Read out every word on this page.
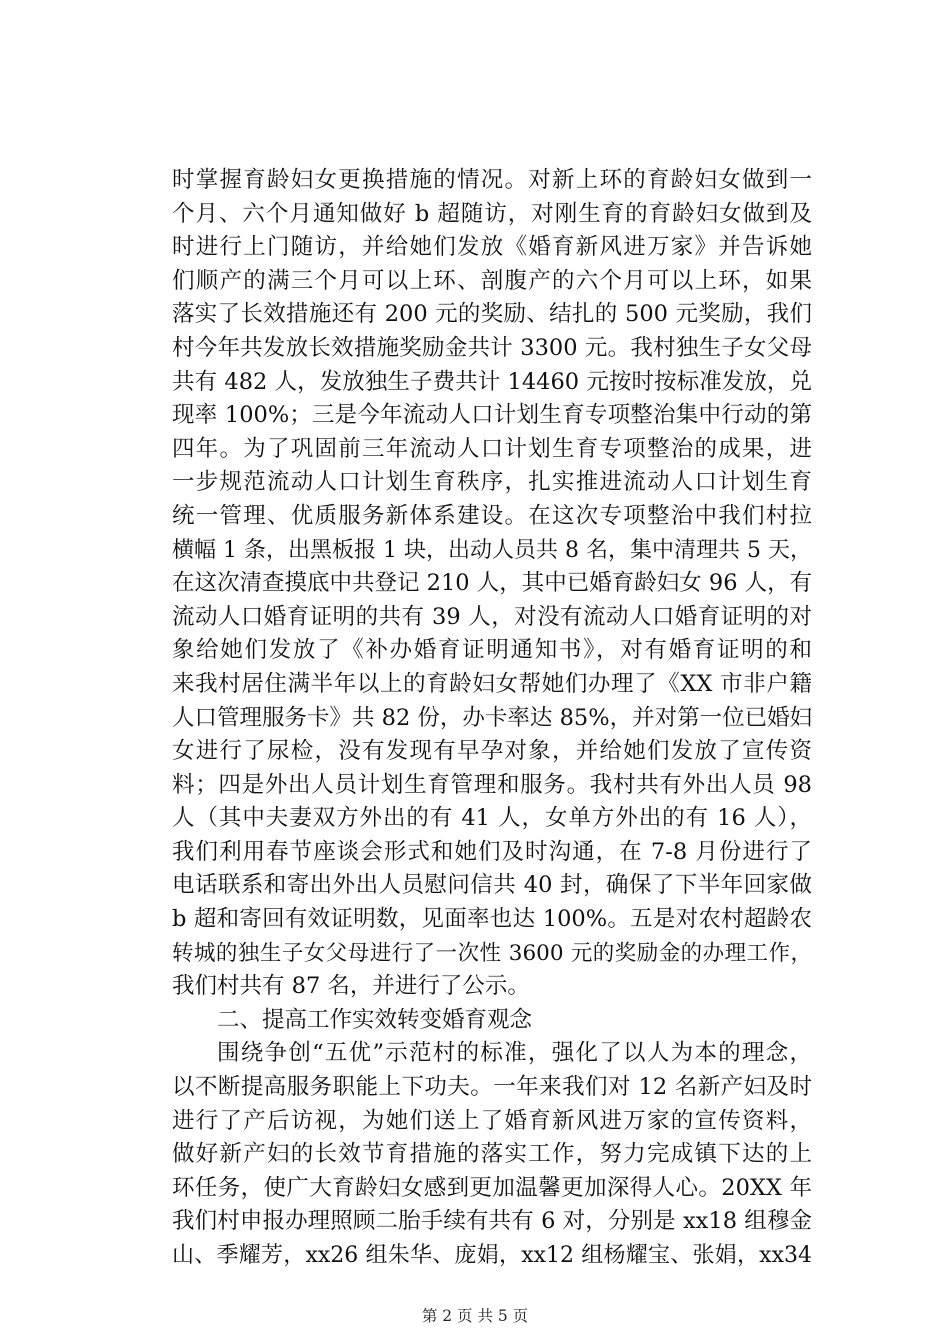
时掌握育龄妇女更换措施的情况。对新上环的育龄妇女做到一
个月、六个月通知做好 b 超随访，对刚生育的育龄妇女做到及
时进行上门随访，并给她们发放《婚育新风进万家》并告诉她
们顺产的满三个月可以上环、剖腹产的六个月可以上环，如果
落实了长效措施还有 200 元的奖励、结扎的 500 元奖励，我们
村今年共发放长效措施奖励金共计 3300 元。我村独生子女父母
共有 482 人，发放独生子费共计 14460 元按时按标准发放，兑
现率 100%；三是今年流动人口计划生育专项整治集中行动的第
四年。为了巩固前三年流动人口计划生育专项整治的成果，进
一步规范流动人口计划生育秩序，扎实推进流动人口计划生育
统一管理、优质服务新体系建设。在这次专项整治中我们村拉
横幅 1 条，出黑板报 1 块，出动人员共 8 名，集中清理共 5 天，
在这次清查摸底中共登记 210 人，其中已婚育龄妇女 96 人，有
流动人口婚育证明的共有 39 人，对没有流动人口婚育证明的对
象给她们发放了《补办婚育证明通知书》，对有婚育证明的和
来我村居住满半年以上的育龄妇女帮她们办理了《XX 市非户籍
人口管理服务卡》共 82 份，办卡率达 85%，并对第一位已婚妇
女进行了尿检，没有发现有早孕对象，并给她们发放了宣传资
料；四是外出人员计划生育管理和服务。我村共有外出人员 98
人（其中夫妻双方外出的有 41 人，女单方外出的有 16 人），
我们利用春节座谈会形式和她们及时沟通，在 7-8 月份进行了
电话联系和寄出外出人员慰问信共 40 封，确保了下半年回家做
b 超和寄回有效证明数，见面率也达 100%。五是对农村超龄农
转城的独生子女父母进行了一次性 3600 元的奖励金的办理工作，
我们村共有 87 名，并进行了公示。
二、提高工作实效转变婚育观念
围绕争创“五优”示范村的标准，强化了以人为本的理念，
以不断提高服务职能上下功夫。一年来我们对 12 名新产妇及时
进行了产后访视，为她们送上了婚育新风进万家的宣传资料，
做好新产妇的长效节育措施的落实工作，努力完成镇下达的上
环任务，使广大育龄妇女感到更加温馨更加深得人心。20XX 年
我们村申报办理照顾二胎手续有共有 6 对，分别是 xx18 组穆金
山、季耀芳，xx26 组朱华、庞娟，xx12 组杨耀宝、张娟，xx34
第 2 页 共 5 页
